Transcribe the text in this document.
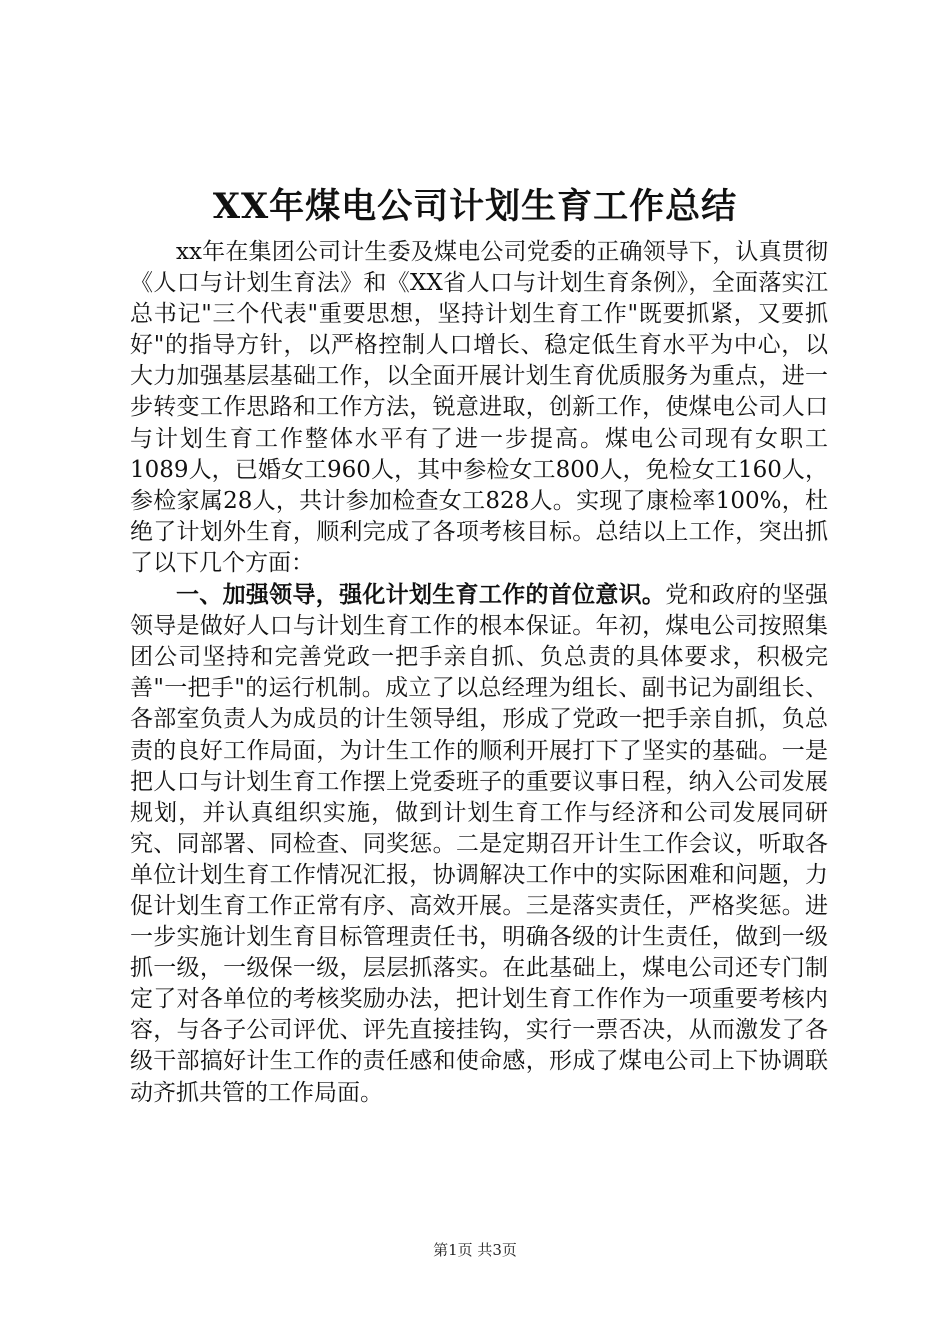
XX年煤电公司计划生育工作总结

xx年在集团公司计生委及煤电公司党委的正确领导下，认真贯彻《人口与计划生育法》和《XX省人口与计划生育条例》，全面落实江总书记"三个代表"重要思想，坚持计划生育工作"既要抓紧，又要抓好"的指导方针，以严格控制人口增长、稳定低生育水平为中心，以大力加强基层基础工作，以全面开展计划生育优质服务为重点，进一步转变工作思路和工作方法，锐意进取，创新工作，使煤电公司人口与计划生育工作整体水平有了进一步提高。煤电公司现有女职工1089人，已婚女工960人，其中参检女工800人，免检女工160人，参检家属28人，共计参加检查女工828人。实现了康检率100%，杜绝了计划外生育，顺利完成了各项考核目标。总结以上工作，突出抓了以下几个方面：

一、加强领导，强化计划生育工作的首位意识。党和政府的坚强领导是做好人口与计划生育工作的根本保证。年初，煤电公司按照集团公司坚持和完善党政一把手亲自抓、负总责的具体要求，积极完善"一把手"的运行机制。成立了以总经理为组长、副书记为副组长、各部室负责人为成员的计生领导组，形成了党政一把手亲自抓，负总责的良好工作局面，为计生工作的顺利开展打下了坚实的基础。一是把人口与计划生育工作摆上党委班子的重要议事日程，纳入公司发展规划，并认真组织实施，做到计划生育工作与经济和公司发展同研究、同部署、同检查、同奖惩。二是定期召开计生工作会议，听取各单位计划生育工作情况汇报，协调解决工作中的实际困难和问题，力促计划生育工作正常有序、高效开展。三是落实责任，严格奖惩。进一步实施计划生育目标管理责任书，明确各级的计生责任，做到一级抓一级，一级保一级，层层抓落实。在此基础上，煤电公司还专门制定了对各单位的考核奖励办法，把计划生育工作作为一项重要考核内容，与各子公司评优、评先直接挂钩，实行一票否决，从而激发了各级干部搞好计生工作的责任感和使命感，形成了煤电公司上下协调联动齐抓共管的工作局面。

第1页 共3页
